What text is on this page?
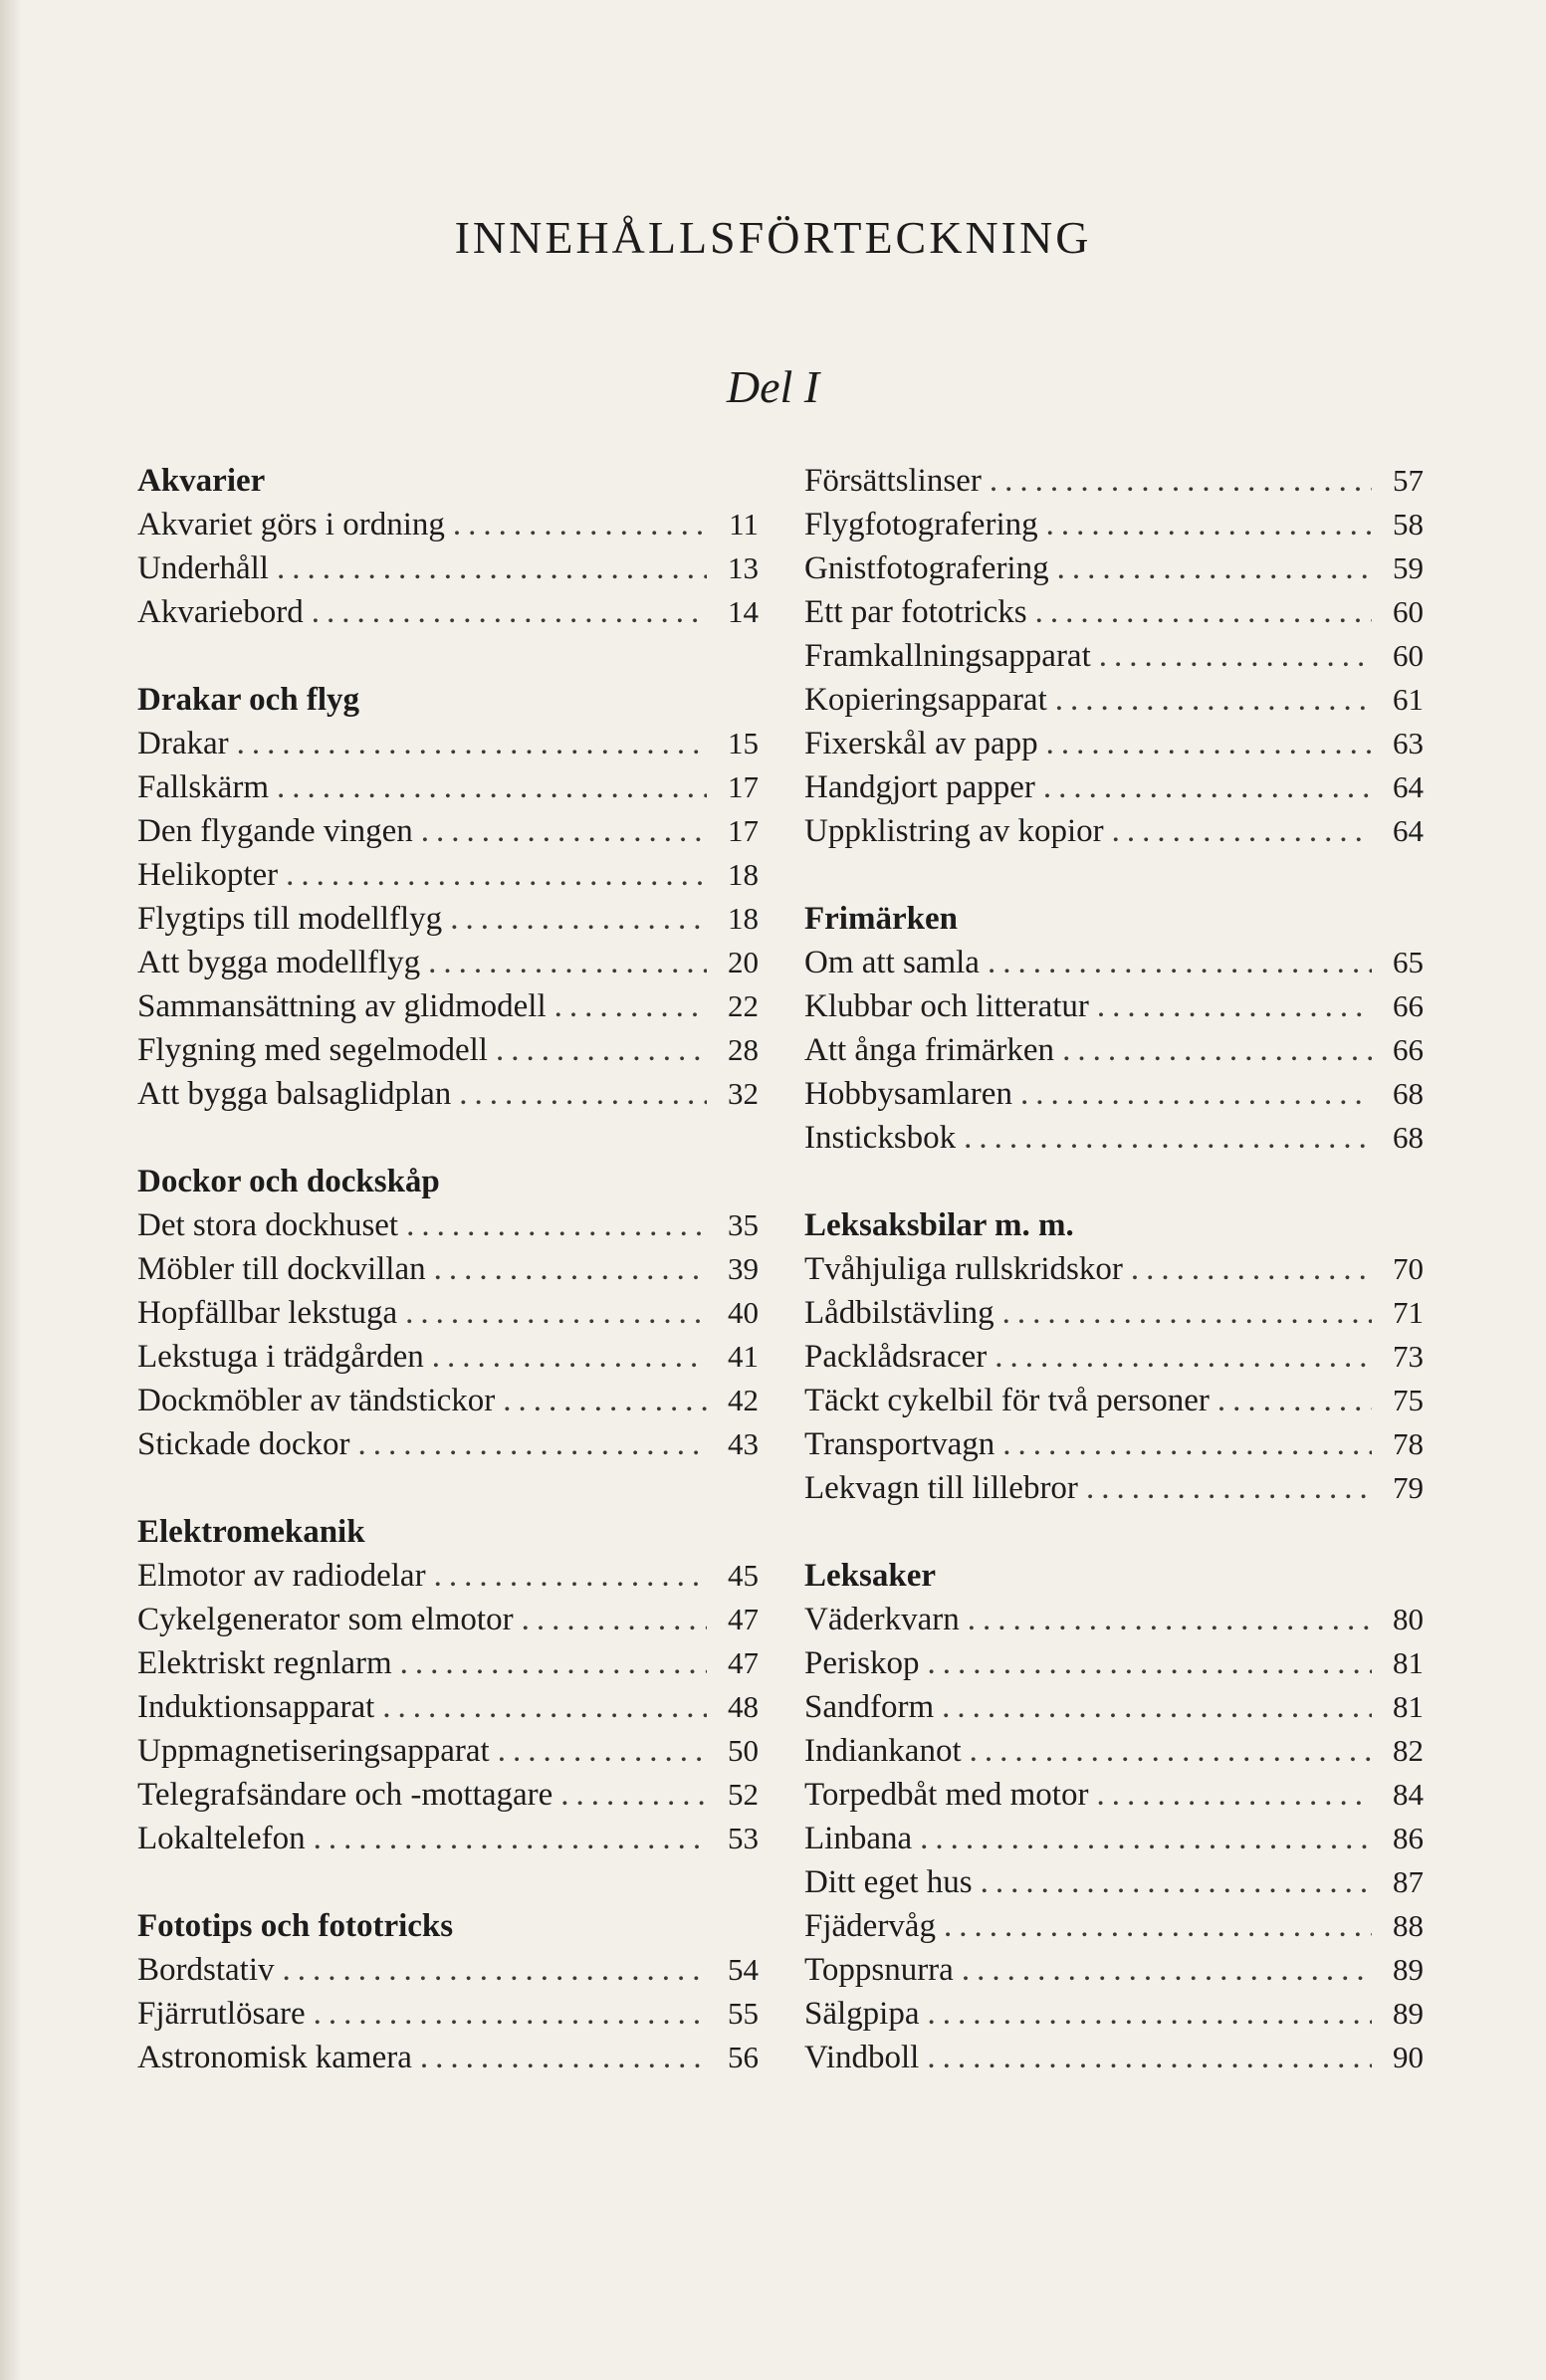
INNEHÅLLSFÖRTECKNING
Del I
Akvarier
Akvariet görs i ordning .....	11
Underhåll .....	13
Akvariebord .....	14
Drakar och flyg
Drakar .....	15
Fallskärm .....	17
Den flygande vingen .....	17
Helikopter .....	18
Flygtips till modellflyg .....	18
Att bygga modellflyg .....	20
Sammansättning av glidmodell .....	22
Flygning med segelmodell .....	28
Att bygga balsaglidplan .....	32
Dockor och dockskåp
Det stora dockhuset .....	35
Möbler till dockvillan .....	39
Hopfällbar lekstuga .....	40
Lekstuga i trädgården .....	41
Dockmöbler av tändstickor .....	42
Stickade dockor .....	43
Elektromekanik
Elmotor av radiodelar .....	45
Cykelgenerator som elmotor .....	47
Elektriskt regnlarm .....	47
Induktionsapparat .....	48
Uppmagnetiseringsapparat .....	50
Telegrafsändare och -mottagare .....	52
Lokaltelefon .....	53
Fototips och fototricks
Bordstativ .....	54
Fjärrutlösare .....	55
Astronomisk kamera .....	56
Försättslinser .....	57
Flygfotografering .....	58
Gnistfotografering .....	59
Ett par fototricks .....	60
Framkallningsapparat .....	60
Kopieringsapparat .....	61
Fixerskål av papp .....	63
Handgjort papper .....	64
Uppklistring av kopior .....	64
Frimärken
Om att samla .....	65
Klubbar och litteratur .....	66
Att ånga frimärken .....	66
Hobbysamlaren .....	68
Insticksbok .....	68
Leksaksbilar m. m.
Tvåhjuliga rullskridskor .....	70
Lådbilstävling .....	71
Packlådsracer .....	73
Täckt cykelbil för två personer .....	75
Transportvagn .....	78
Lekvagn till lillebror .....	79
Leksaker
Väderkvarn .....	80
Periskop .....	81
Sandform .....	81
Indiankanot .....	82
Torpedbåt med motor .....	84
Linbana .....	86
Ditt eget hus .....	87
Fjädervåg .....	88
Toppsnurra .....	89
Sälgpipa .....	89
Vindboll .....	90
